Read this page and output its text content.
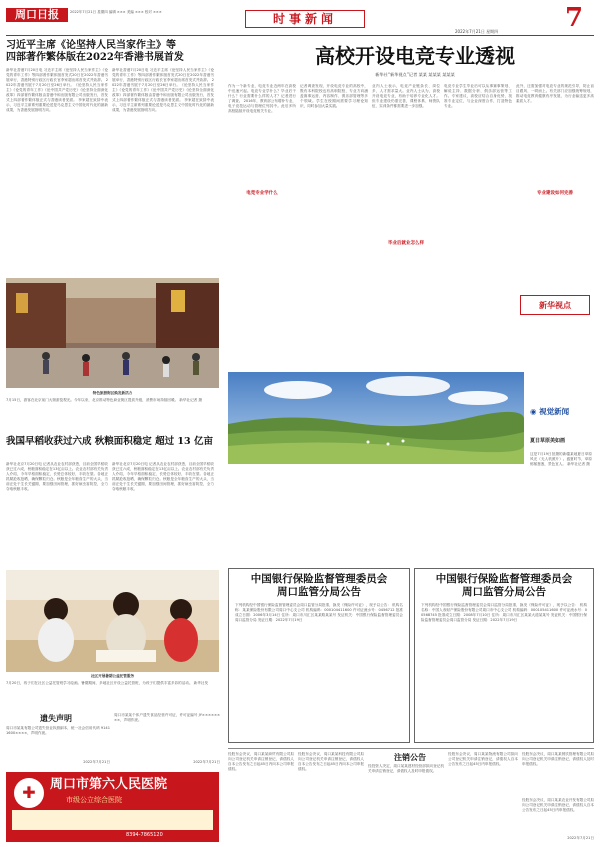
周口日报	2022年7月21日 星期四 编辑 ××× 美编 ××× 校对 ×××	时事新闻	7
2022年7月21日 星期四
习近平主席《论坚持人民当家作主》等
四部著作繁体版在2022年香港书展首发
新华社香港7月20日电 习近平主席《论坚持人民当家作主》《论党的青年工作》等四部著作繁体版首发式20日在2022年香港书展举行，香港特别行政区行政长官李家超出席首发式并致辞。 2022年香港书展于7月20日至26日举行。《论坚持人民当家作主》《论党的青年工作》《论中国共产党历史》《论坚持全面深化改革》四部著作繁体版由香港中和出版有限公司出版发行，首发式上四部著作繁体版正式与香港读者见面。 李家超在致辞中表示，习近平主席系列重要论述是马克思主义中国化时代化的最新成果，为香港发展指明方向。
新华社香港7月20日电 习近平主席《论坚持人民当家作主》《论党的青年工作》等四部著作繁体版首发式20日在2022年香港书展举行，香港特别行政区行政长官李家超出席首发式并致辞。 2022年香港书展于7月20日至26日举行。《论坚持人民当家作主》《论党的青年工作》《论中国共产党历史》《论坚持全面深化改革》四部著作繁体版由香港中和出版有限公司出版发行，首发式上四部著作繁体版正式与香港读者见面。 李家超在致辞中表示，习近平主席系列重要论述是马克思主义中国化时代化的最新成果，为香港发展指明方向。
特色旅游街区焕发新活力
7月15日，游客在北京前门大街游览观光。今年以来，北京推动特色商业街区提质升级，消费市场持续回暖。 新华社记者 摄
我国早稻收获过六成 秋粮面积稳定 超过 13 亿亩
新华社北京7月20日电 记者从农业农村部获悉，目前全国早稻收获已过六成，秋粮面积稳定在13亿亩以上。农业农村部有关负责人介绍，今年早稻面积稳定，长势总体较好，丰收在望。各地正抓紧抢收抢晒，确保颗粒归仓。秋粮是全年粮食生产的大头，当前正处于生长关键期，要加强田间管理，抓好病虫害防控，全力夺取秋粮丰收。
新华社北京7月20日电 记者从农业农村部获悉，目前全国早稻收获已过六成，秋粮面积稳定在13亿亩以上。农业农村部有关负责人介绍，今年早稻面积稳定，长势总体较好，丰收在望。各地正抓紧抢收抢晒，确保颗粒归仓。秋粮是全年粮食生产的大头，当前正处于生长关键期，要加强田间管理，抓好病虫害防控，全力夺取秋粮丰收。
社区开展暑期公益托管服务
7月20日，孩子们在社区公益托管班学习绘画。暑期期间，多地社区开设公益托管班，为孩子们提供丰富多彩的活动。 新华社发
遗失声明
周口市某某有限公司遗失营业执照副本，统一社会信用代码 91411600××××，声明作废。
2022年7月21日
周口市某某个体户遗失食品经营许可证，许可证编号 JY××××××××，声明作废。
2022年7月21日
✚	周口市第六人民医院
市级公立综合医院
8394-7865120
高校开设电竞专业透视
新华社“新华视点”记者 某某 某某某 某某某
作为一个新专业，电竞专业近两年在高校中迅速兴起。电竞专业学什么？毕业后干什么？行业需要什么样的人才？记者进行了调查。 2016年，教育部公布增补专业，电子竞技运动与管理位列其中。此后多所高校陆续开设电竞相关专业。
电竞专业学什么
记者调查发现，开设电竞专业的高校中，既有本科院校也有高职院校，专业方向涵盖赛事运营、内容制作、俱乐部管理等多个领域。学生在校期间需要学习理论知识，同时参加大量实践。
业内人士表示，电竞产业链条长、岗位多，人才需求量大。业内人士认为，高校开设电竞专业，有助于培养专业化人才。但专业建设仍需完善，课程体系、师资队伍、实训条件都需要进一步加强。
毕业后就业怎么样
电竞专业学生毕业后可以从事赛事策划、解说主持、数据分析、俱乐部运营等工作。专家建议，高校应结合自身优势，找准专业定位，与企业深度合作，打造特色专业。
此外，还需加强对电竞专业的规范引导，防止盲目跟风、一哄而上。有关部门应加强统筹规划，推动电竞教育健康有序发展，为行业输送更多高素质人才。
专业建设如何完善
新华视点
◉ 视觉新闻
夏日草原美如画
这是7月19日拍摄的新疆某地夏日草原风光（无人机照片）。盛夏时节，草原郁郁葱葱，景色宜人。 新华社记者 摄
中国银行保险监督管理委员会
周口监管分局公告
下列机构经中国银行保险监督管理委员会周口监管分局批准，换发《保险许可证》，现予以公告： 机构名称：某某保险股份有限公司周口中心支公司 机构编码：000104411600 许可证流水号：0456712 批准成立日期：2006年3月14日 住所：周口市川汇区某某路某某号 发证机关：中国银行保险监督管理委员会周口监管分局 发证日期：2022年7月19日
中国银行保险监督管理委员会
周口监管分局公告
下列机构经中国银行保险监督管理委员会周口监管分局批准，换发《保险许可证》，现予以公告： 机构名称：中国人寿财产保险股份有限公司周口市中心支公司 机构编码：000105411600 许可证流水号：00568745 批准成立日期：2008年7月10日 住所：周口市川汇区某某大道某某号 发证机关：中国银行保险监督管理委员会周口监管分局 发证日期：2022年7月19日
注销公告
经股东会决议，周口某某商贸有限公司拟向公司登记机关申请注销登记，请债权人自本公告发布之日起45日内向本公司申报债权。
经股东会决议，周口某某科技有限公司拟向公司登记机关申请注销登记，请债权人自本公告发布之日起45日内向本公司申报债权。
经投资人决定，周口某某建材经营部拟向登记机关申请注销登记，请债权人及时申报债权。
经股东会决议，周口某某物流有限公司拟向公司登记机关申请注销登记，请债权人自本公告发布之日起45日内申报债权。
经股东会决议，周口某某餐饮管理有限公司拟向公司登记机关申请注销登记，请债权人及时申报债权。
经股东会决议，周口某某农业开发有限公司拟向公司登记机关申请注销登记，请债权人自本公告发布之日起45日内申报债权。
2022年7月21日
